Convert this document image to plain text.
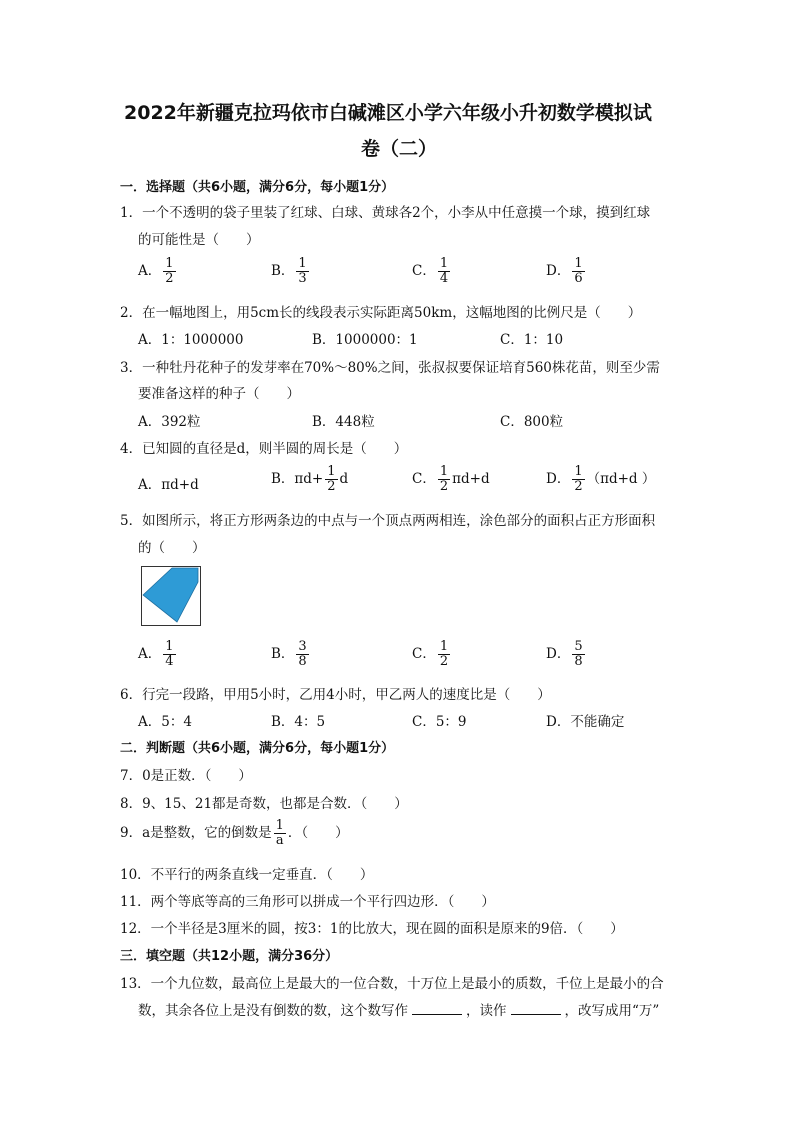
2022年新疆克拉玛依市白碱滩区小学六年级小升初数学模拟试
卷（二）
一．选择题（共6小题，满分6分，每小题1分）
1．一个不透明的袋子里装了红球、白球、黄球各2个，小李从中任意摸一个球，摸到红球
的可能性是（　　）
A． $\frac{1}{2}$	B． $\frac{1}{3}$	C． $\frac{1}{4}$	D． $\frac{1}{6}$
2．在一幅地图上，用5cm长的线段表示实际距离50km，这幅地图的比例尺是（　　）
A．1：1000000	B．1000000：1	C．1：10
3．一种牡丹花种子的发芽率在70%～80%之间，张叔叔要保证培育560株花苗，则至少需
要准备这样的种子（　　）
A．392粒	B．448粒	C．800粒
4．已知圆的直径是d，则半圆的周长是（　　）
A．πd+d	B．$\pi d+ \frac{1}{2}$ d	C． $\frac{1}{2} \pi d+d$	D． $\frac{1}{2} (\pi d+d$ ）
5．如图所示，将正方形两条边的中点与一个顶点两两相连，涂色部分的面积占正方形面积
的（　　）
A． $\frac{1}{4}$	B． $\frac{3}{8}$	C． $\frac{1}{2}$	D． $\frac{5}{8}$
6．行完一段路，甲用5小时，乙用4小时，甲乙两人的速度比是（　　）
A．5：4	B．4：5	C．5：9	D．不能确定
二．判断题（共6小题，满分6分，每小题1分）
7．0是正数．（　　）
8．9、15、21都是奇数，也都是合数．（　　）
9．a是整数，它的倒数是 $\frac{1}{a}$ ．（　　）
10．不平行的两条直线一定垂直．（　　）
11．两个等底等高的三角形可以拼成一个平行四边形．（　　）
12．一个半径是3厘米的圆，按3：1的比放大，现在圆的面积是原来的9倍．（　　）
三．填空题（共12小题，满分36分）
13．一个九位数，最高位上是最大的一位合数，十万位上是最小的质数，千位上是最小的合
数，其余各位上是没有倒数的数，这个数写作	，读作	，改写成用“万”
